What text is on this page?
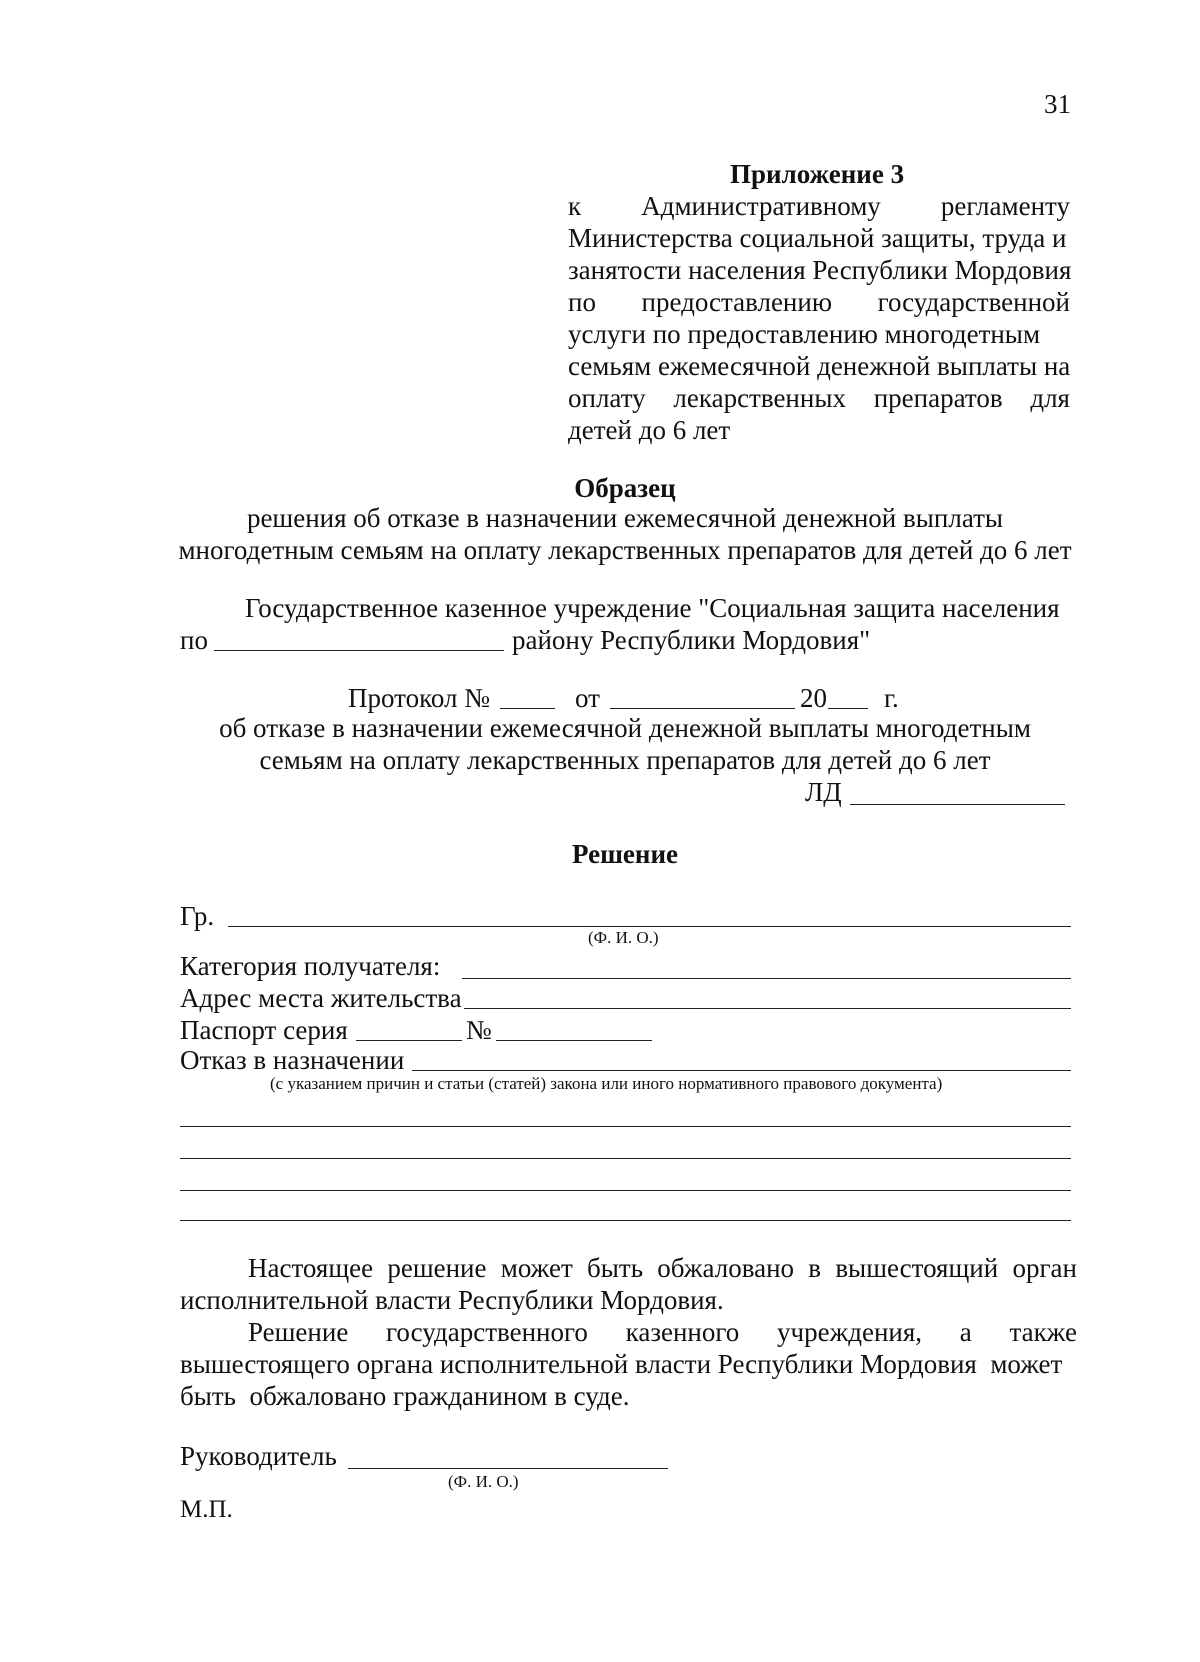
31
Приложение 3
к Административному регламенту
Министерства социальной защиты, труда и
занятости населения Республики Мордовия
по предоставлению государственной
услуги по предоставлению многодетным
семьям ежемесячной денежной выплаты на
оплату лекарственных препаратов для
детей до 6 лет
Образец
решения об отказе в назначении ежемесячной денежной выплаты
многодетным семьям на оплату лекарственных препаратов для детей до 6 лет
Государственное казенное учреждение "Социальная защита населения
по	району Республики Мордовия"
Протокол №	от	20 г.
об отказе в назначении ежемесячной денежной выплаты многодетным
семьям на оплату лекарственных препаратов для детей до 6 лет
ЛД
Решение
Гр.
(Ф. И. О.)
Категория получателя:
Адрес места жительства
Паспорт серия	№
Отказ в назначении
(с указанием причин и статьи (статей) закона или иного нормативного правового документа)
Настоящее решение может быть обжаловано в вышестоящий орган
исполнительной власти Республики Мордовия.
Решение государственного казенного учреждения, а также
вышестоящего органа исполнительной власти Республики Мордовия  может
быть  обжаловано гражданином в суде.
Руководитель
(Ф. И. О.)
М.П.
